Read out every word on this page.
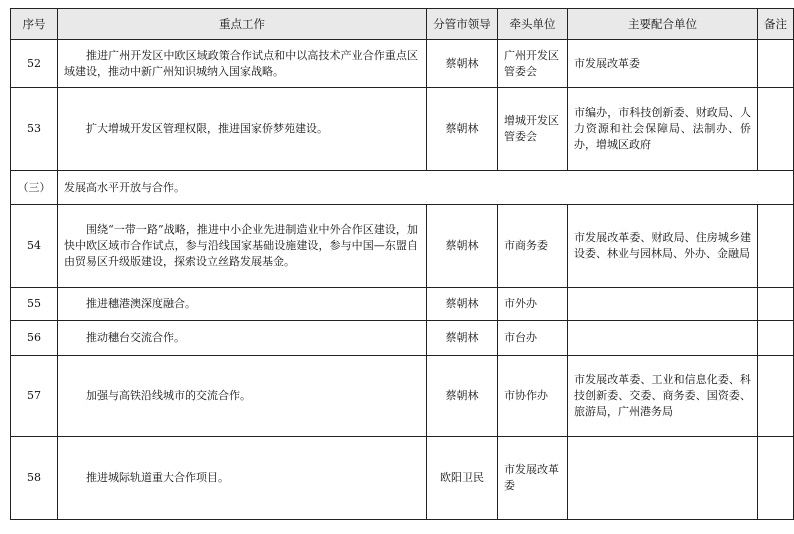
序号	重点工作	分管市领导	牵头单位	主要配合单位	备注
52	推进广州开发区中欧区域政策合作试点和中以高技术产业合作重点区域建设，推动中新广州知识城纳入国家战略。	蔡朝林	广州开发区管委会	市发展改革委	
53	扩大增城开发区管理权限，推进国家侨梦苑建设。	蔡朝林	增城开发区管委会	市编办，市科技创新委、财政局、人力资源和社会保障局、法制办、侨办，增城区政府	
（三）	发展高水平开放与合作。				
54	围绕“一带一路”战略，推进中小企业先进制造业中外合作区建设，加快中欧区域市合作试点，参与沿线国家基础设施建设，参与中国—东盟自由贸易区升级版建设，探索设立丝路发展基金。	蔡朝林	市商务委	市发展改革委、财政局、住房城乡建设委、林业与园林局、外办、金融局	
55	推进穗港澳深度融合。	蔡朝林	市外办		
56	推动穗台交流合作。	蔡朝林	市台办		
57	加强与高铁沿线城市的交流合作。	蔡朝林	市协作办	市发展改革委、工业和信息化委、科技创新委、交委、商务委、国资委、旅游局，广州港务局	
58	推进城际轨道重大合作项目。	欧阳卫民	市发展改革委		
